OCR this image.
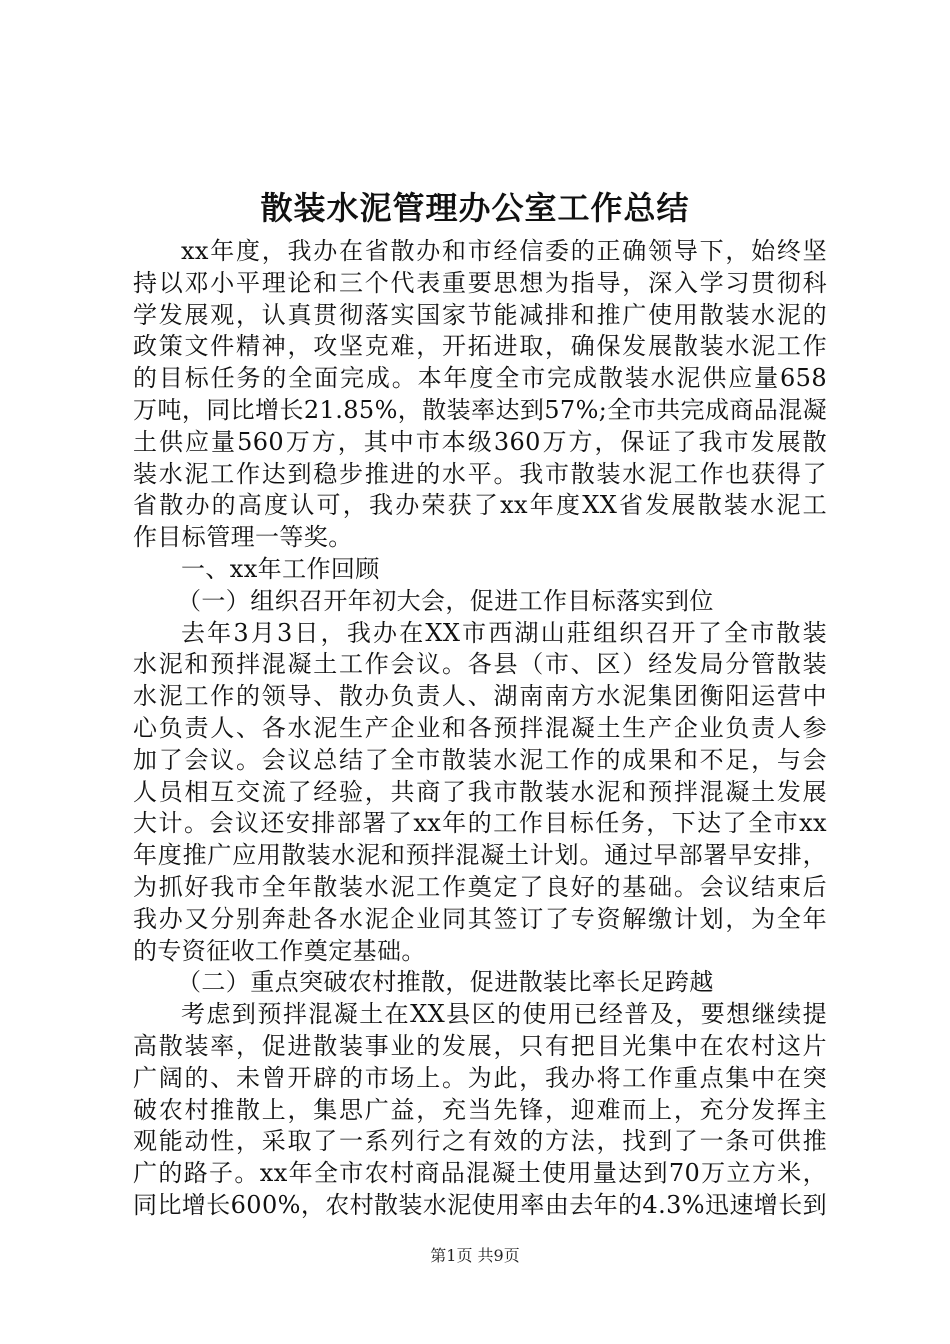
散装水泥管理办公室工作总结
xx年度，我办在省散办和市经信委的正确领导下，始终坚
持以邓小平理论和三个代表重要思想为指导，深入学习贯彻科
学发展观，认真贯彻落实国家节能减排和推广使用散装水泥的
政策文件精神，攻坚克难，开拓进取，确保发展散装水泥工作
的目标任务的全面完成。本年度全市完成散装水泥供应量658
万吨，同比增长21.85%，散装率达到57%;全市共完成商品混凝
土供应量560万方，其中市本级360万方，保证了我市发展散
装水泥工作达到稳步推进的水平。我市散装水泥工作也获得了
省散办的高度认可，我办荣获了xx年度XX省发展散装水泥工
作目标管理一等奖。
一、xx年工作回顾
（一）组织召开年初大会，促进工作目标落实到位
去年3月3日，我办在XX市西湖山莊组织召开了全市散装
水泥和预拌混凝土工作会议。各县（市、区）经发局分管散装
水泥工作的领导、散办负责人、湖南南方水泥集团衡阳运营中
心负责人、各水泥生产企业和各预拌混凝土生产企业负责人参
加了会议。会议总结了全市散装水泥工作的成果和不足，与会
人员相互交流了经验，共商了我市散装水泥和预拌混凝土发展
大计。会议还安排部署了xx年的工作目标任务，下达了全市xx
年度推广应用散装水泥和预拌混凝土计划。通过早部署早安排，
为抓好我市全年散装水泥工作奠定了良好的基础。会议结束后
我办又分别奔赴各水泥企业同其签订了专资解缴计划，为全年
的专资征收工作奠定基础。
（二）重点突破农村推散，促进散装比率长足跨越
考虑到预拌混凝土在XX县区的使用已经普及，要想继续提
高散装率，促进散装事业的发展，只有把目光集中在农村这片
广阔的、未曾开辟的市场上。为此，我办将工作重点集中在突
破农村推散上，集思广益，充当先锋，迎难而上，充分发挥主
观能动性，采取了一系列行之有效的方法，找到了一条可供推
广的路子。xx年全市农村商品混凝土使用量达到70万立方米，
同比增长600%，农村散装水泥使用率由去年的4.3%迅速增长到
第1页 共9页
